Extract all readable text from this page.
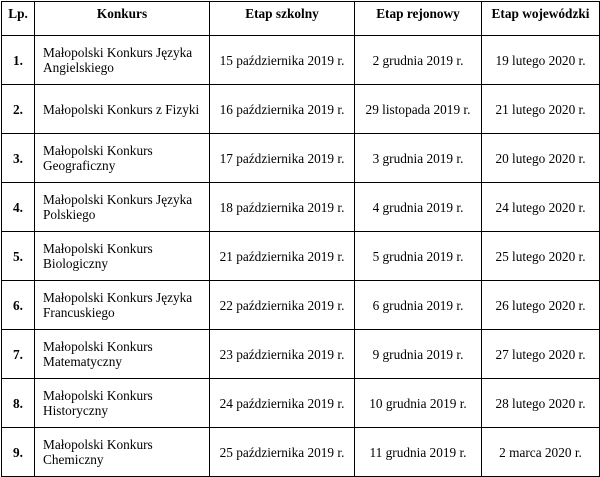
Lp.	Konkurs	Etap szkolny	Etap rejonowy	Etap wojewódzki
1.	Małopolski Konkurs Języka Angielskiego	15 października 2019 r.	2 grudnia 2019 r.	19 lutego 2020 r.
2.	Małopolski Konkurs z Fizyki	16 października 2019 r.	29 listopada 2019 r.	21 lutego 2020 r.
3.	Małopolski Konkurs Geograficzny	17 października 2019 r.	3 grudnia 2019 r.	20 lutego 2020 r.
4.	Małopolski Konkurs Języka Polskiego	18 października 2019 r.	4 grudnia 2019 r.	24 lutego 2020 r.
5.	Małopolski Konkurs Biologiczny	21 października 2019 r.	5 grudnia 2019 r.	25 lutego 2020 r.
6.	Małopolski Konkurs Języka Francuskiego	22 października 2019 r.	6 grudnia 2019 r.	26 lutego 2020 r.
7.	Małopolski Konkurs Matematyczny	23 października 2019 r.	9 grudnia 2019 r.	27 lutego 2020 r.
8.	Małopolski Konkurs Historyczny	24 października 2019 r.	10 grudnia 2019 r.	28 lutego 2020 r.
9.	Małopolski Konkurs Chemiczny	25 października 2019 r.	11 grudnia 2019 r.	2 marca 2020 r.
